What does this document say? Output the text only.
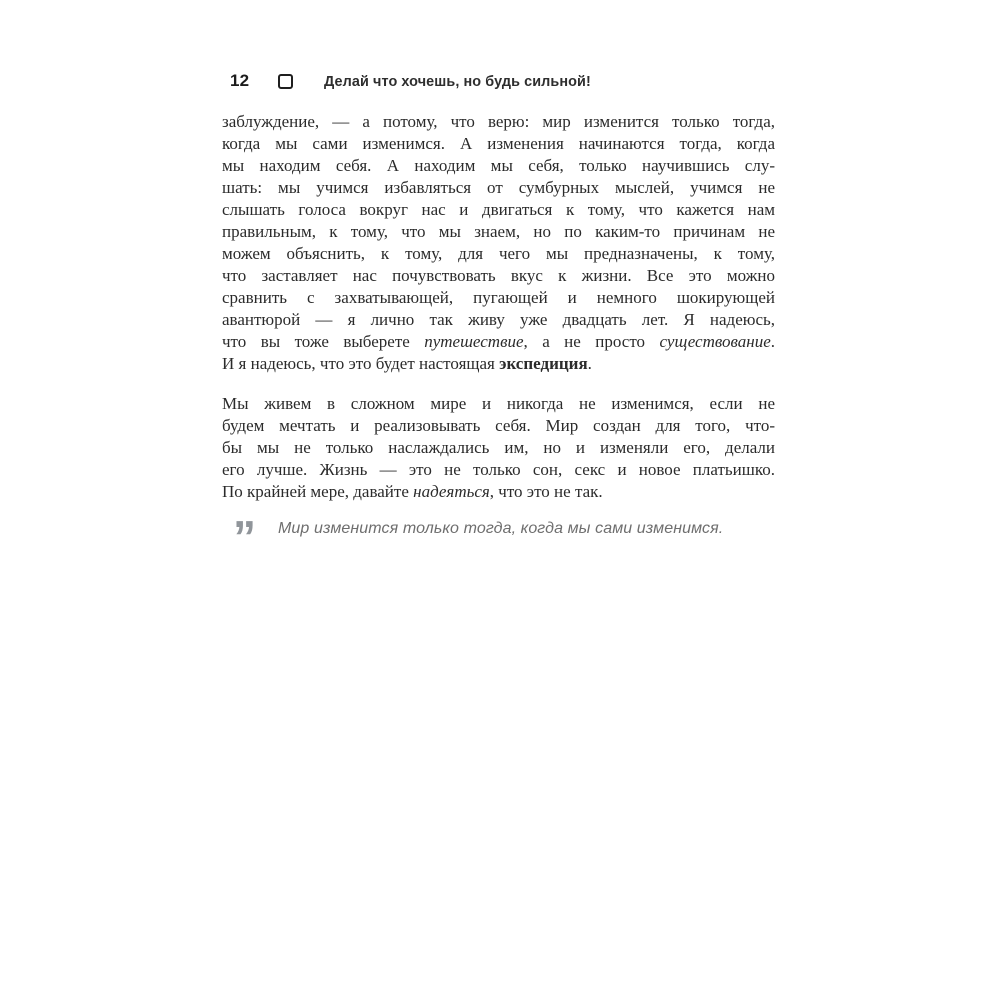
12	Делай что хочешь, но будь сильной!
заблуждение, — а потому, что верю: мир изменится только тогда,
когда мы сами изменимся. А изменения начинаются тогда, когда
мы находим себя. А находим мы себя, только научившись слу-
шать: мы учимся избавляться от сумбурных мыслей, учимся не
слышать голоса вокруг нас и двигаться к тому, что кажется нам
правильным, к тому, что мы знаем, но по каким-то причинам не
можем объяснить, к тому, для чего мы предназначены, к тому,
что заставляет нас почувствовать вкус к жизни. Все это можно
сравнить с захватывающей, пугающей и немного шокирующей
авантюрой — я лично так живу уже двадцать лет. Я надеюсь,
что вы тоже выберете путешествие, а не просто существование.
И я надеюсь, что это будет настоящая экспедиция.
Мы живем в сложном мире и никогда не изменимся, если не
будем мечтать и реализовывать себя. Мир создан для того, что-
бы мы не только наслаждались им, но и изменяли его, делали
его лучше. Жизнь — это не только сон, секс и новое платьишко.
По крайней мере, давайте надеяться, что это не так.
”	Мир изменится только тогда, когда мы сами изменимся.
